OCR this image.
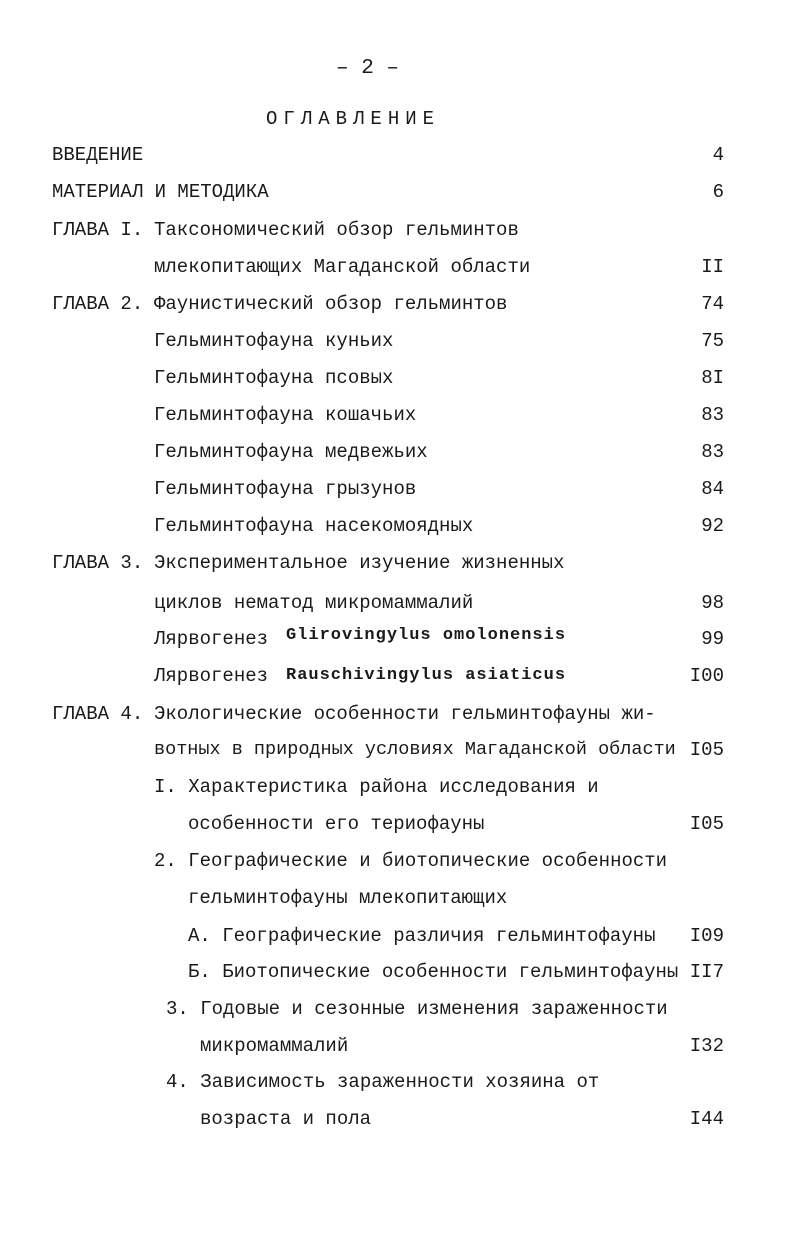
– 2 –
ОГЛАВЛЕНИЕ
ВВЕДЕНИЕ	4
МАТЕРИАЛ И МЕТОДИКА	6
ГЛАВА I. Таксономический обзор гельминтов
млекопитающих Магаданской области	II
ГЛАВА 2. Фаунистический обзор гельминтов	74
Гельминтофауна куньих	75
Гельминтофауна псовых	8I
Гельминтофауна кошачьих	83
Гельминтофауна медвежьих	83
Гельминтофауна грызунов	84
Гельминтофауна насекомоядных	92
ГЛАВА 3. Экспериментальное изучение жизненных
циклов нематод микромаммалий	98
Лярвогенез Glirovingylus omolonensis	99
Лярвогенез Rauschivingylus asiaticus	I00
ГЛАВА 4. Экологические особенности гельминтофауны жи-
вотных в природных условиях Магаданской области I05
I. Характеристика района исследования и
особенности его териофауны	I05
2. Географические и биотопические особенности
гельминтофауны млекопитающих
А. Географические различия гельминтофауны I09
Б. Биотопические особенности гельминтофауны II7
3. Годовые и сезонные изменения зараженности
микромаммалий	I32
4. Зависимость зараженности хозяина от
возраста и пола	I44
